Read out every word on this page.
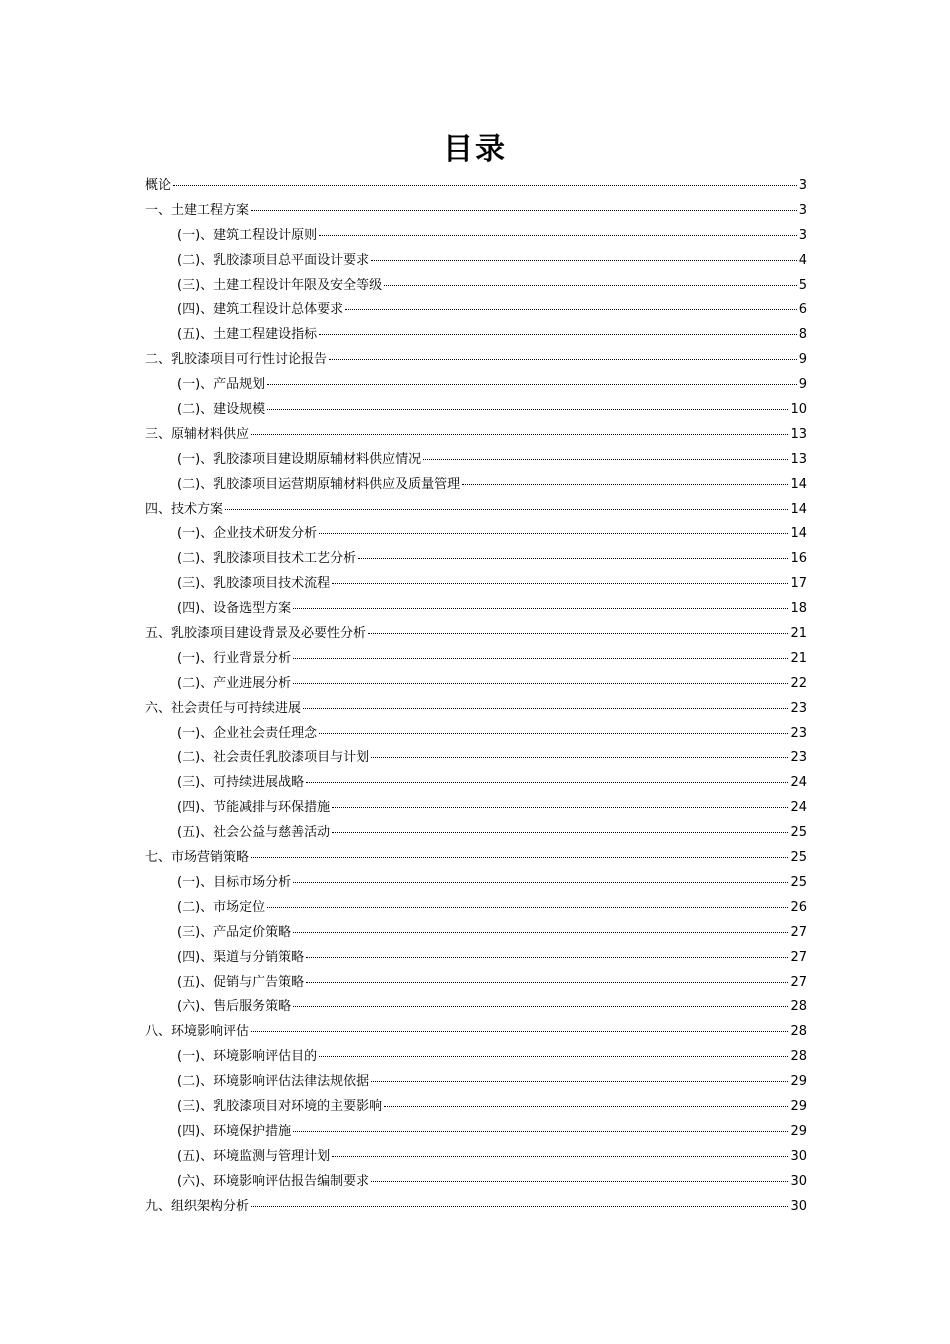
目录
概论	3
一、土建工程方案	3
(一)、建筑工程设计原则	3
(二)、乳胶漆项目总平面设计要求	4
(三)、土建工程设计年限及安全等级	5
(四)、建筑工程设计总体要求	6
(五)、土建工程建设指标	8
二、乳胶漆项目可行性讨论报告	9
(一)、产品规划	9
(二)、建设规模	10
三、原辅材料供应	13
(一)、乳胶漆项目建设期原辅材料供应情况	13
(二)、乳胶漆项目运营期原辅材料供应及质量管理	14
四、技术方案	14
(一)、企业技术研发分析	14
(二)、乳胶漆项目技术工艺分析	16
(三)、乳胶漆项目技术流程	17
(四)、设备选型方案	18
五、乳胶漆项目建设背景及必要性分析	21
(一)、行业背景分析	21
(二)、产业进展分析	22
六、社会责任与可持续进展	23
(一)、企业社会责任理念	23
(二)、社会责任乳胶漆项目与计划	23
(三)、可持续进展战略	24
(四)、节能减排与环保措施	24
(五)、社会公益与慈善活动	25
七、市场营销策略	25
(一)、目标市场分析	25
(二)、市场定位	26
(三)、产品定价策略	27
(四)、渠道与分销策略	27
(五)、促销与广告策略	27
(六)、售后服务策略	28
八、环境影响评估	28
(一)、环境影响评估目的	28
(二)、环境影响评估法律法规依据	29
(三)、乳胶漆项目对环境的主要影响	29
(四)、环境保护措施	29
(五)、环境监测与管理计划	30
(六)、环境影响评估报告编制要求	30
九、组织架构分析	30
